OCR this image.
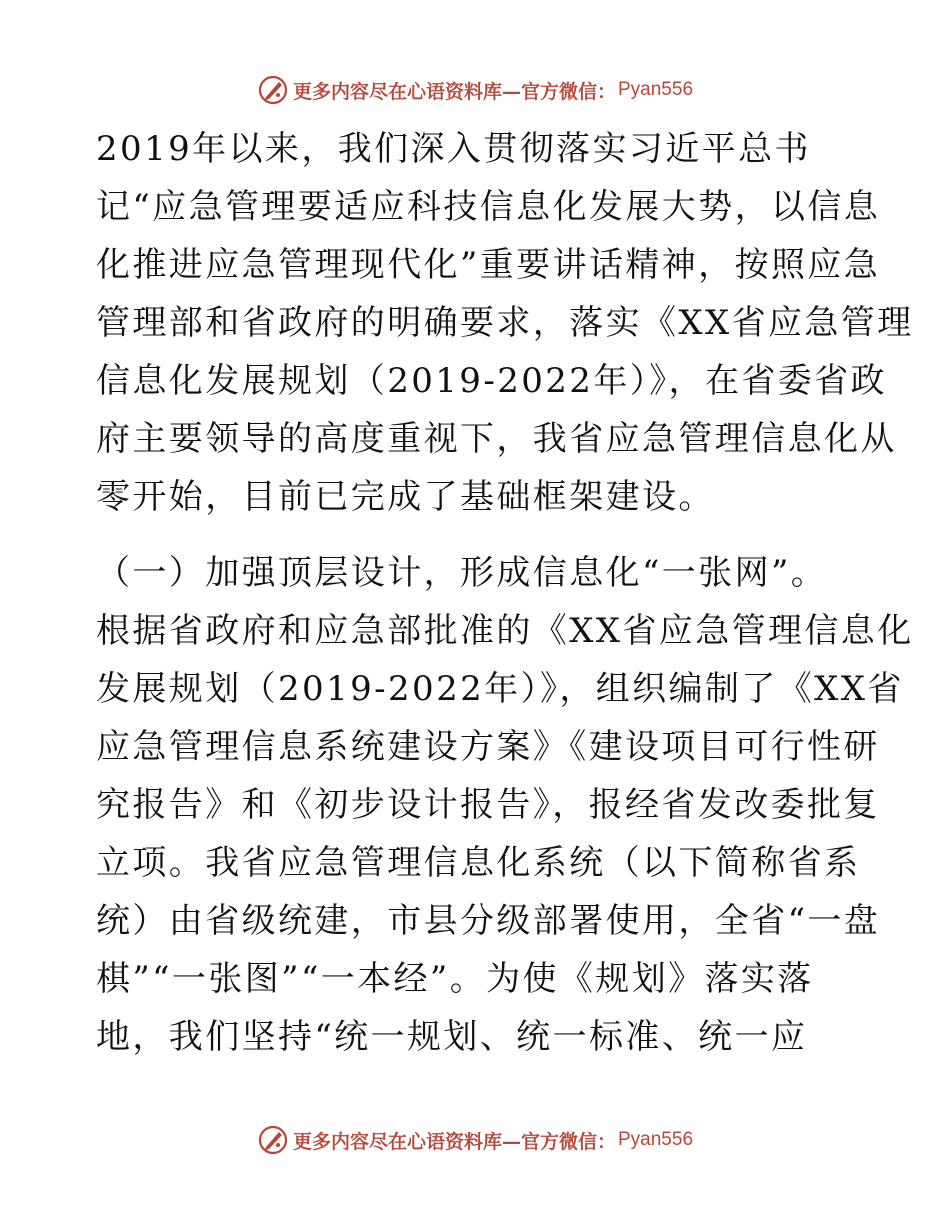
更多内容尽在心语资料库—官方微信： Pyan556
2019年以来，我们深入贯彻落实习近平总书
记“应急管理要适应科技信息化发展大势，以信息
化推进应急管理现代化”重要讲话精神，按照应急
管理部和省政府的明确要求，落实《XX省应急管理
信息化发展规划（2019-2022年）》，在省委省政
府主要领导的高度重视下，我省应急管理信息化从
零开始，目前已完成了基础框架建设。
（一）加强顶层设计，形成信息化“一张网”。
根据省政府和应急部批准的《XX省应急管理信息化
发展规划（2019-2022年）》，组织编制了《XX省
应急管理信息系统建设方案》《建设项目可行性研
究报告》和《初步设计报告》，报经省发改委批复
立项。我省应急管理信息化系统（以下简称省系
统）由省级统建，市县分级部署使用，全省“一盘
棋”“一张图”“一本经”。为使《规划》落实落
地，我们坚持“统一规划、统一标准、统一应
更多内容尽在心语资料库—官方微信： Pyan556
